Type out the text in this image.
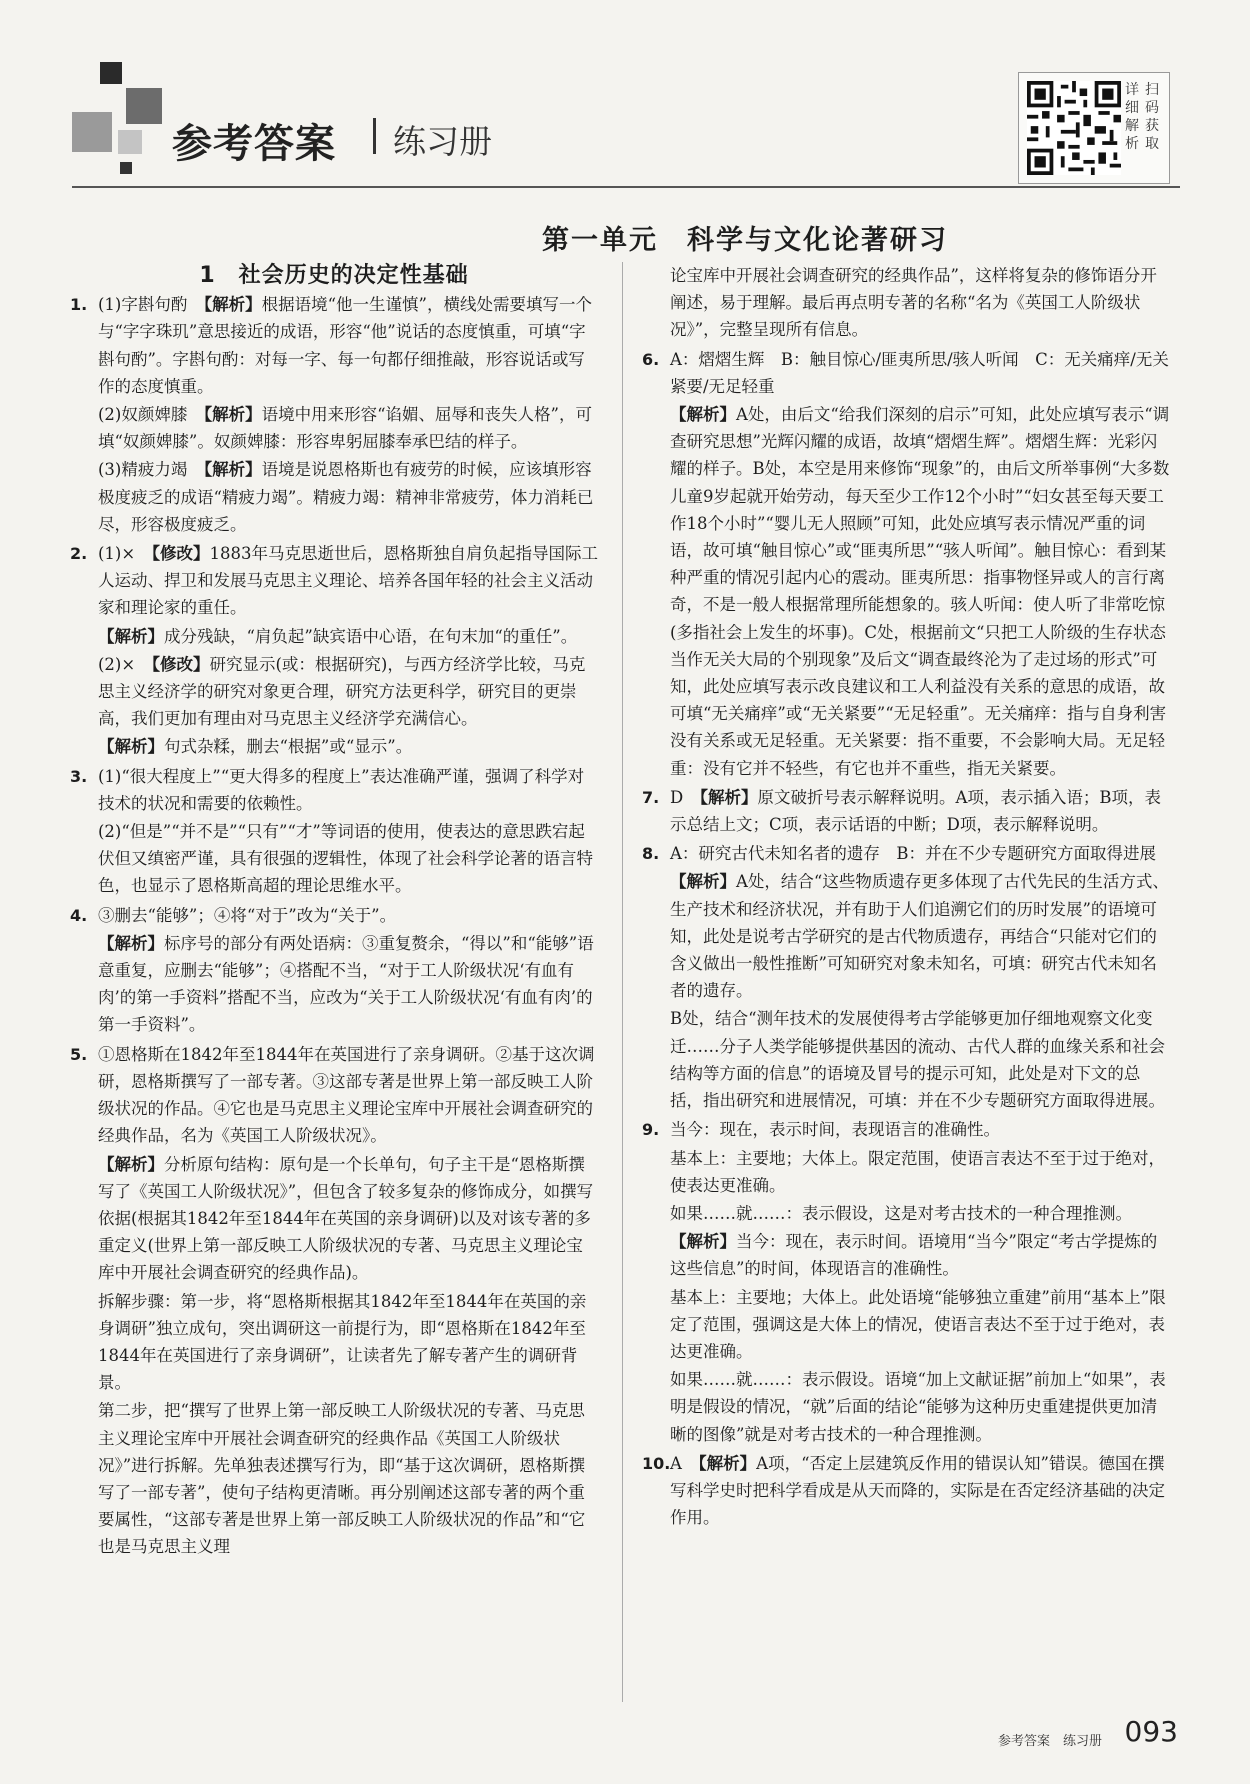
参考答案 练习册
扫码获取
详细解析
第一单元　科学与文化论著研习
1　社会历史的决定性基础
1. (1)字斟句酌　【解析】根据语境“他一生谨慎”，横线处需要填写一个与“字字珠玑”意思接近的成语，形容“他”说话的态度慎重，可填“字斟句酌”。字斟句酌：对每一字、每一句都仔细推敲，形容说话或写作的态度慎重。
(2)奴颜婢膝　【解析】语境中用来形容“谄媚、屈辱和丧失人格”，可填“奴颜婢膝”。奴颜婢膝：形容卑躬屈膝奉承巴结的样子。
(3)精疲力竭　【解析】语境是说恩格斯也有疲劳的时候，应该填形容极度疲乏的成语“精疲力竭”。精疲力竭：精神非常疲劳，体力消耗已尽，形容极度疲乏。
2. (1)×　【修改】1883年马克思逝世后，恩格斯独自肩负起指导国际工人运动、捍卫和发展马克思主义理论、培养各国年轻的社会主义活动家和理论家的重任。
【解析】成分残缺，“肩负起”缺宾语中心语，在句末加“的重任”。
(2)×　【修改】研究显示(或：根据研究)，与西方经济学比较，马克思主义经济学的研究对象更合理，研究方法更科学，研究目的更崇高，我们更加有理由对马克思主义经济学充满信心。
【解析】句式杂糅，删去“根据”或“显示”。
3. (1)“很大程度上”“更大得多的程度上”表达准确严谨，强调了科学对技术的状况和需要的依赖性。
(2)“但是”“并不是”“只有”“才”等词语的使用，使表达的意思跌宕起伏但又缜密严谨，具有很强的逻辑性，体现了社会科学论著的语言特色，也显示了恩格斯高超的理论思维水平。
4. ③删去“能够”；④将“对于”改为“关于”。
【解析】标序号的部分有两处语病：③重复赘余，“得以”和“能够”语意重复，应删去“能够”；④搭配不当，“对于工人阶级状况‘有血有肉’的第一手资料”搭配不当，应改为“关于工人阶级状况‘有血有肉’的第一手资料”。
5. ①恩格斯在1842年至1844年在英国进行了亲身调研。②基于这次调研，恩格斯撰写了一部专著。③这部专著是世界上第一部反映工人阶级状况的作品。④它也是马克思主义理论宝库中开展社会调查研究的经典作品，名为《英国工人阶级状况》。
【解析】分析原句结构：原句是一个长单句，句子主干是“恩格斯撰写了《英国工人阶级状况》”，但包含了较多复杂的修饰成分，如撰写依据(根据其1842年至1844年在英国的亲身调研)以及对该专著的多重定义(世界上第一部反映工人阶级状况的专著、马克思主义理论宝库中开展社会调查研究的经典作品)。
拆解步骤：第一步，将“恩格斯根据其1842年至1844年在英国的亲身调研”独立成句，突出调研这一前提行为，即“恩格斯在1842年至1844年在英国进行了亲身调研”，让读者先了解专著产生的调研背景。
第二步，把“撰写了世界上第一部反映工人阶级状况的专著、马克思主义理论宝库中开展社会调查研究的经典作品《英国工人阶级状况》”进行拆解。先单独表述撰写行为，即“基于这次调研，恩格斯撰写了一部专著”，使句子结构更清晰。再分别阐述这部专著的两个重要属性，“这部专著是世界上第一部反映工人阶级状况的作品”和“它也是马克思主义理
论宝库中开展社会调查研究的经典作品”，这样将复杂的修饰语分开阐述，易于理解。最后再点明专著的名称“名为《英国工人阶级状况》”，完整呈现所有信息。
6. A：熠熠生辉　B：触目惊心/匪夷所思/骇人听闻　C：无关痛痒/无关紧要/无足轻重
【解析】A处，由后文“给我们深刻的启示”可知，此处应填写表示“调查研究思想”光辉闪耀的成语，故填“熠熠生辉”。熠熠生辉：光彩闪耀的样子。B处，本空是用来修饰“现象”的，由后文所举事例“大多数儿童9岁起就开始劳动，每天至少工作12个小时”“妇女甚至每天要工作18个小时”“婴儿无人照顾”可知，此处应填写表示情况严重的词语，故可填“触目惊心”或“匪夷所思”“骇人听闻”。触目惊心：看到某种严重的情况引起内心的震动。匪夷所思：指事物怪异或人的言行离奇，不是一般人根据常理所能想象的。骇人听闻：使人听了非常吃惊(多指社会上发生的坏事)。C处，根据前文“只把工人阶级的生存状态当作无关大局的个别现象”及后文“调查最终沦为了走过场的形式”可知，此处应填写表示改良建议和工人利益没有关系的意思的成语，故可填“无关痛痒”或“无关紧要”“无足轻重”。无关痛痒：指与自身利害没有关系或无足轻重。无关紧要：指不重要，不会影响大局。无足轻重：没有它并不轻些，有它也并不重些，指无关紧要。
7. D　【解析】原文破折号表示解释说明。A项，表示插入语；B项，表示总结上文；C项，表示话语的中断；D项，表示解释说明。
8. A：研究古代未知名者的遗存　B：并在不少专题研究方面取得进展
【解析】A处，结合“这些物质遗存更多体现了古代先民的生活方式、生产技术和经济状况，并有助于人们追溯它们的历时发展”的语境可知，此处是说考古学研究的是古代物质遗存，再结合“只能对它们的含义做出一般性推断”可知研究对象未知名，可填：研究古代未知名者的遗存。
B处，结合“测年技术的发展使得考古学能够更加仔细地观察文化变迁……分子人类学能够提供基因的流动、古代人群的血缘关系和社会结构等方面的信息”的语境及冒号的提示可知，此处是对下文的总括，指出研究和进展情况，可填：并在不少专题研究方面取得进展。
9. 当今：现在，表示时间，表现语言的准确性。
基本上：主要地；大体上。限定范围，使语言表达不至于过于绝对，使表达更准确。
如果……就……：表示假设，这是对考古技术的一种合理推测。
【解析】当今：现在，表示时间。语境用“当今”限定“考古学提炼的这些信息”的时间，体现语言的准确性。
基本上：主要地；大体上。此处语境“能够独立重建”前用“基本上”限定了范围，强调这是大体上的情况，使语言表达不至于过于绝对，表达更准确。
如果……就……：表示假设。语境“加上文献证据”前加上“如果”，表明是假设的情况，“就”后面的结论“能够为这种历史重建提供更加清晰的图像”就是对考古技术的一种合理推测。
10. A　【解析】A项，“否定上层建筑反作用的错误认知”错误。德国在撰写科学史时把科学看成是从天而降的，实际是在否定经济基础的决定作用。
参考答案　练习册 093
